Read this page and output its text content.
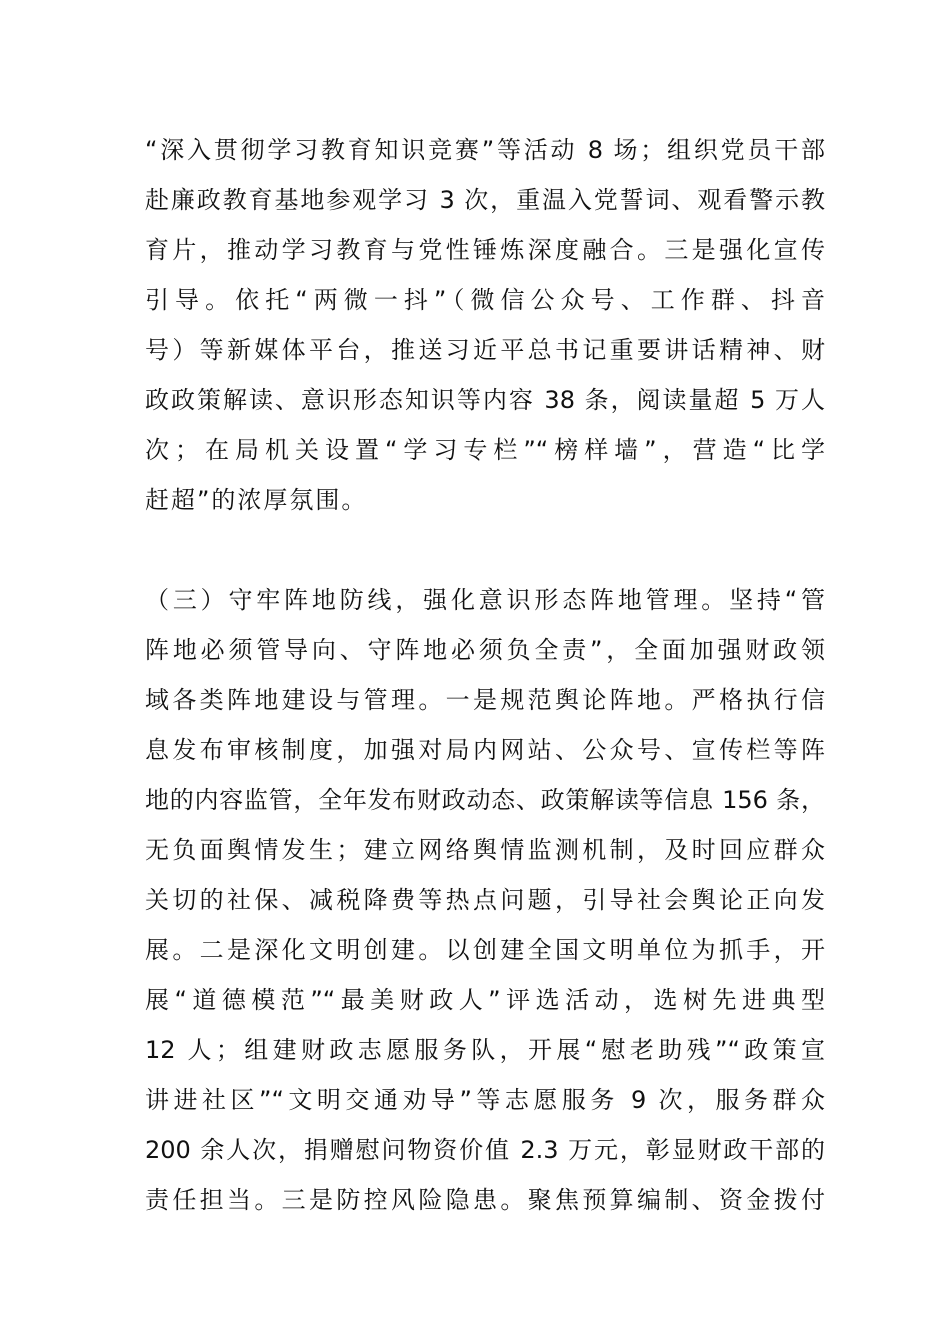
“深入贯彻学习教育知识竞赛”等活动 8 场；组织党员干部
赴廉政教育基地参观学习 3 次，重温入党誓词、观看警示教
育片，推动学习教育与党性锤炼深度融合。三是强化宣传
引导。依托“两微一抖”（微信公众号、工作群、抖音
号）等新媒体平台，推送习近平总书记重要讲话精神、财
政政策解读、意识形态知识等内容 38 条，阅读量超 5 万人
次；在局机关设置“学习专栏”“榜样墙”，营造“比学
赶超”的浓厚氛围。
（三）守牢阵地防线，强化意识形态阵地管理。坚持“管
阵地必须管导向、守阵地必须负全责”，全面加强财政领
域各类阵地建设与管理。一是规范舆论阵地。严格执行信
息发布审核制度，加强对局内网站、公众号、宣传栏等阵
地的内容监管，全年发布财政动态、政策解读等信息 156 条，
无负面舆情发生；建立网络舆情监测机制，及时回应群众
关切的社保、减税降费等热点问题，引导社会舆论正向发
展。二是深化文明创建。以创建全国文明单位为抓手，开
展“道德模范”“最美财政人”评选活动，选树先进典型
12 人；组建财政志愿服务队，开展“慰老助残”“政策宣
讲进社区”“文明交通劝导”等志愿服务 9 次，服务群众
200 余人次，捐赠慰问物资价值 2.3 万元，彰显财政干部的
责任担当。三是防控风险隐患。聚焦预算编制、资金拨付
